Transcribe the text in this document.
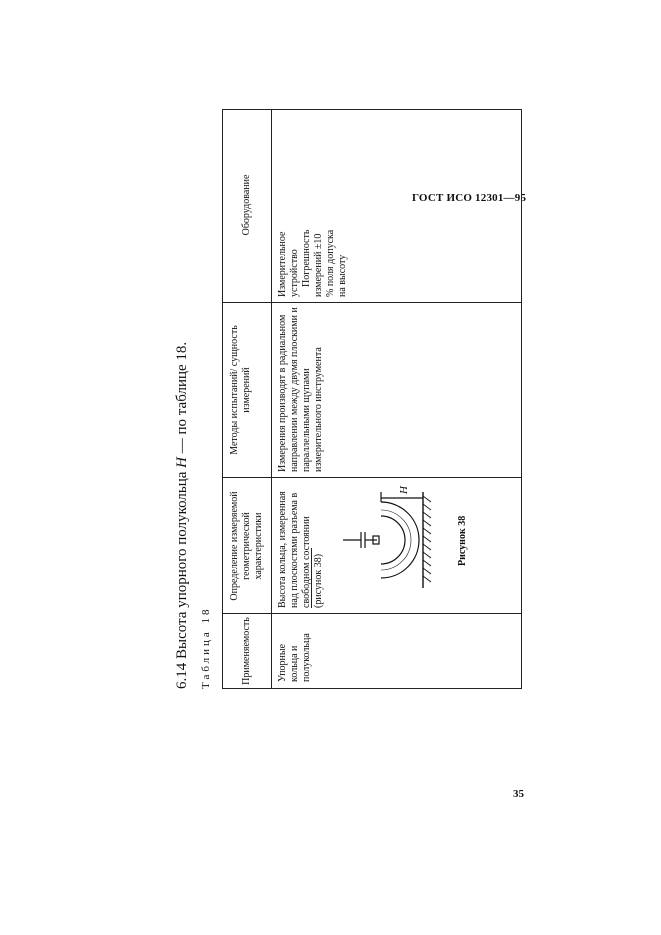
ГОСТ ИСО 12301—95
6.14 Высота упорного полукольца H — по таблице 18.
Таблица 18	Применяемость
Определение измеряемой геометрической характеристики
Методы испытаний/ сущность измерений
Оборудование
Упорные кольца и полукольца
Высота кольца, измеренная над плоскостями разъема в свободном состоянии (рисунок 38)
Измерения производят в радиальном направлении между двумя плоскими и параллельными щупами измерительного инструмента
Измерительное устройство Погрешность измерений ±10 % поля допуска на высоту
H
Рисунок 38
35
